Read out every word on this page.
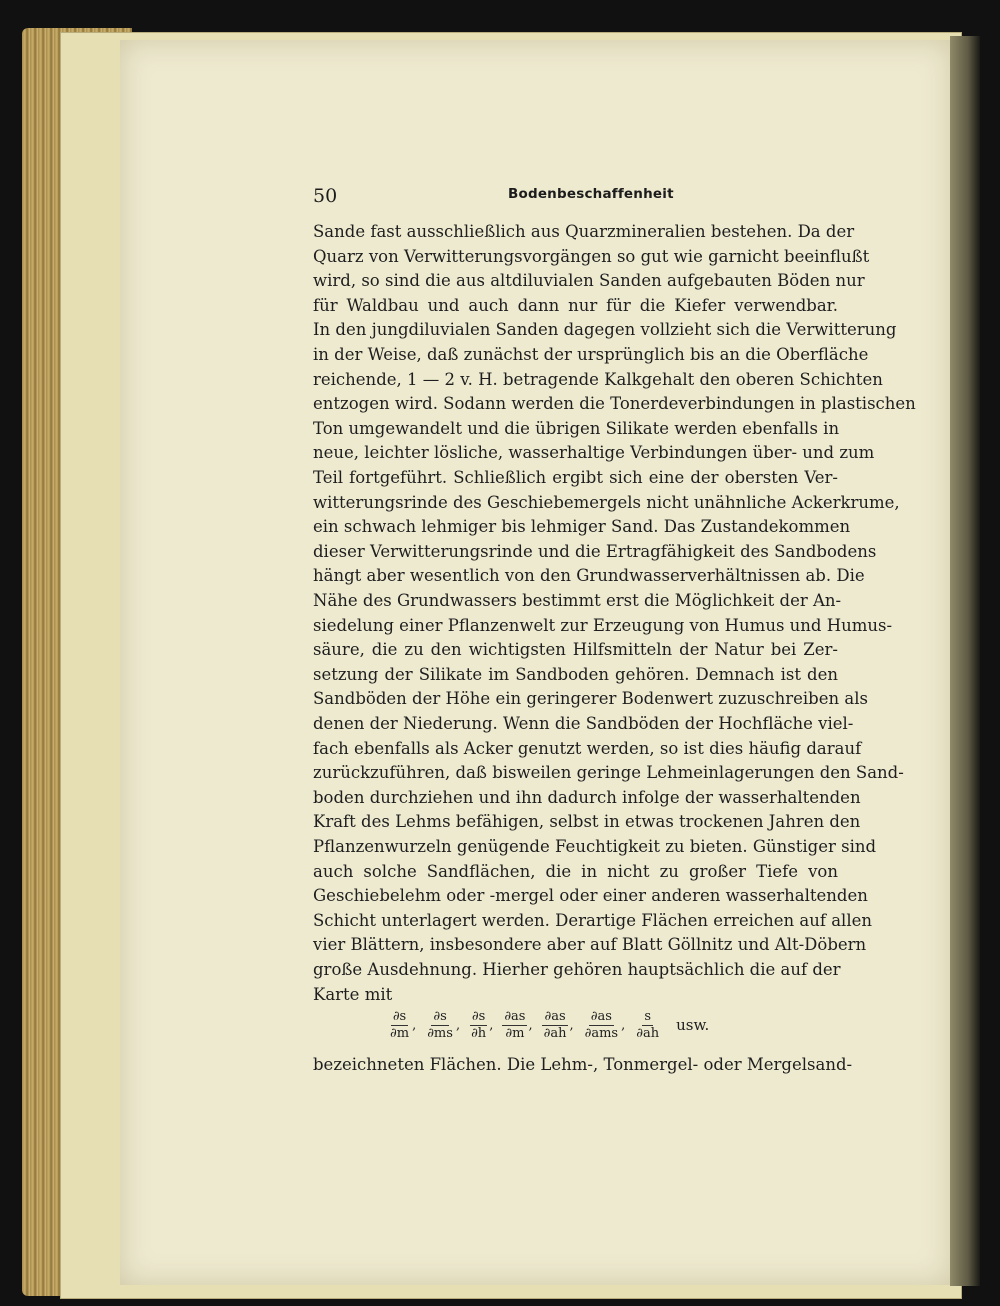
50	Bodenbeschaffenheit
Sande fast ausschließlich aus Quarzmineralien bestehen. Da der
Quarz von Verwitterungsvorgängen so gut wie garnicht beeinflußt
wird, so sind die aus altdiluvialen Sanden aufgebauten Böden nur
für Waldbau und auch dann nur für die Kiefer verwendbar.
In den jungdiluvialen Sanden dagegen vollzieht sich die Verwitterung
in der Weise, daß zunächst der ursprünglich bis an die Oberfläche
reichende, 1 — 2 v. H. betragende Kalkgehalt den oberen Schichten
entzogen wird. Sodann werden die Tonerdeverbindungen in plastischen
Ton umgewandelt und die übrigen Silikate werden ebenfalls in
neue, leichter lösliche, wasserhaltige Verbindungen über- und zum
Teil fortgeführt. Schließlich ergibt sich eine der obersten Ver-
witterungsrinde des Geschiebemergels nicht unähnliche Ackerkrume,
ein schwach lehmiger bis lehmiger Sand. Das Zustandekommen
dieser Verwitterungsrinde und die Ertragfähigkeit des Sandbodens
hängt aber wesentlich von den Grundwasserverhältnissen ab. Die
Nähe des Grundwassers bestimmt erst die Möglichkeit der An-
siedelung einer Pflanzenwelt zur Erzeugung von Humus und Humus-
säure, die zu den wichtigsten Hilfsmitteln der Natur bei Zer-
setzung der Silikate im Sandboden gehören. Demnach ist den
Sandböden der Höhe ein geringerer Bodenwert zuzuschreiben als
denen der Niederung. Wenn die Sandböden der Hochfläche viel-
fach ebenfalls als Acker genutzt werden, so ist dies häufig darauf
zurückzuführen, daß bisweilen geringe Lehmeinlagerungen den Sand-
boden durchziehen und ihn dadurch infolge der wasserhaltenden
Kraft des Lehms befähigen, selbst in etwas trockenen Jahren den
Pflanzenwurzeln genügende Feuchtigkeit zu bieten. Günstiger sind
auch solche Sandflächen, die in nicht zu großer Tiefe von
Geschiebelehm oder -mergel oder einer anderen wasserhaltenden
Schicht unterlagert werden. Derartige Flächen erreichen auf allen
vier Blättern, insbesondere aber auf Blatt Göllnitz und Alt-Döbern
große Ausdehnung. Hierher gehören hauptsächlich die auf der
Karte mit
$\frac{\partial s}{\partial m}$ , $\frac{\partial s}{\partial ms}$ , $\frac{\partial s}{\partial h}$ , $\frac{\partial as}{\partial m}$ , $\frac{\partial as}{\partial ah}$ , $\frac{\partial as}{\text{∂ams}}$ , $\frac{s}{\partial ah}$ usw.
bezeichneten Flächen. Die Lehm-, Tonmergel- oder Mergelsand-
